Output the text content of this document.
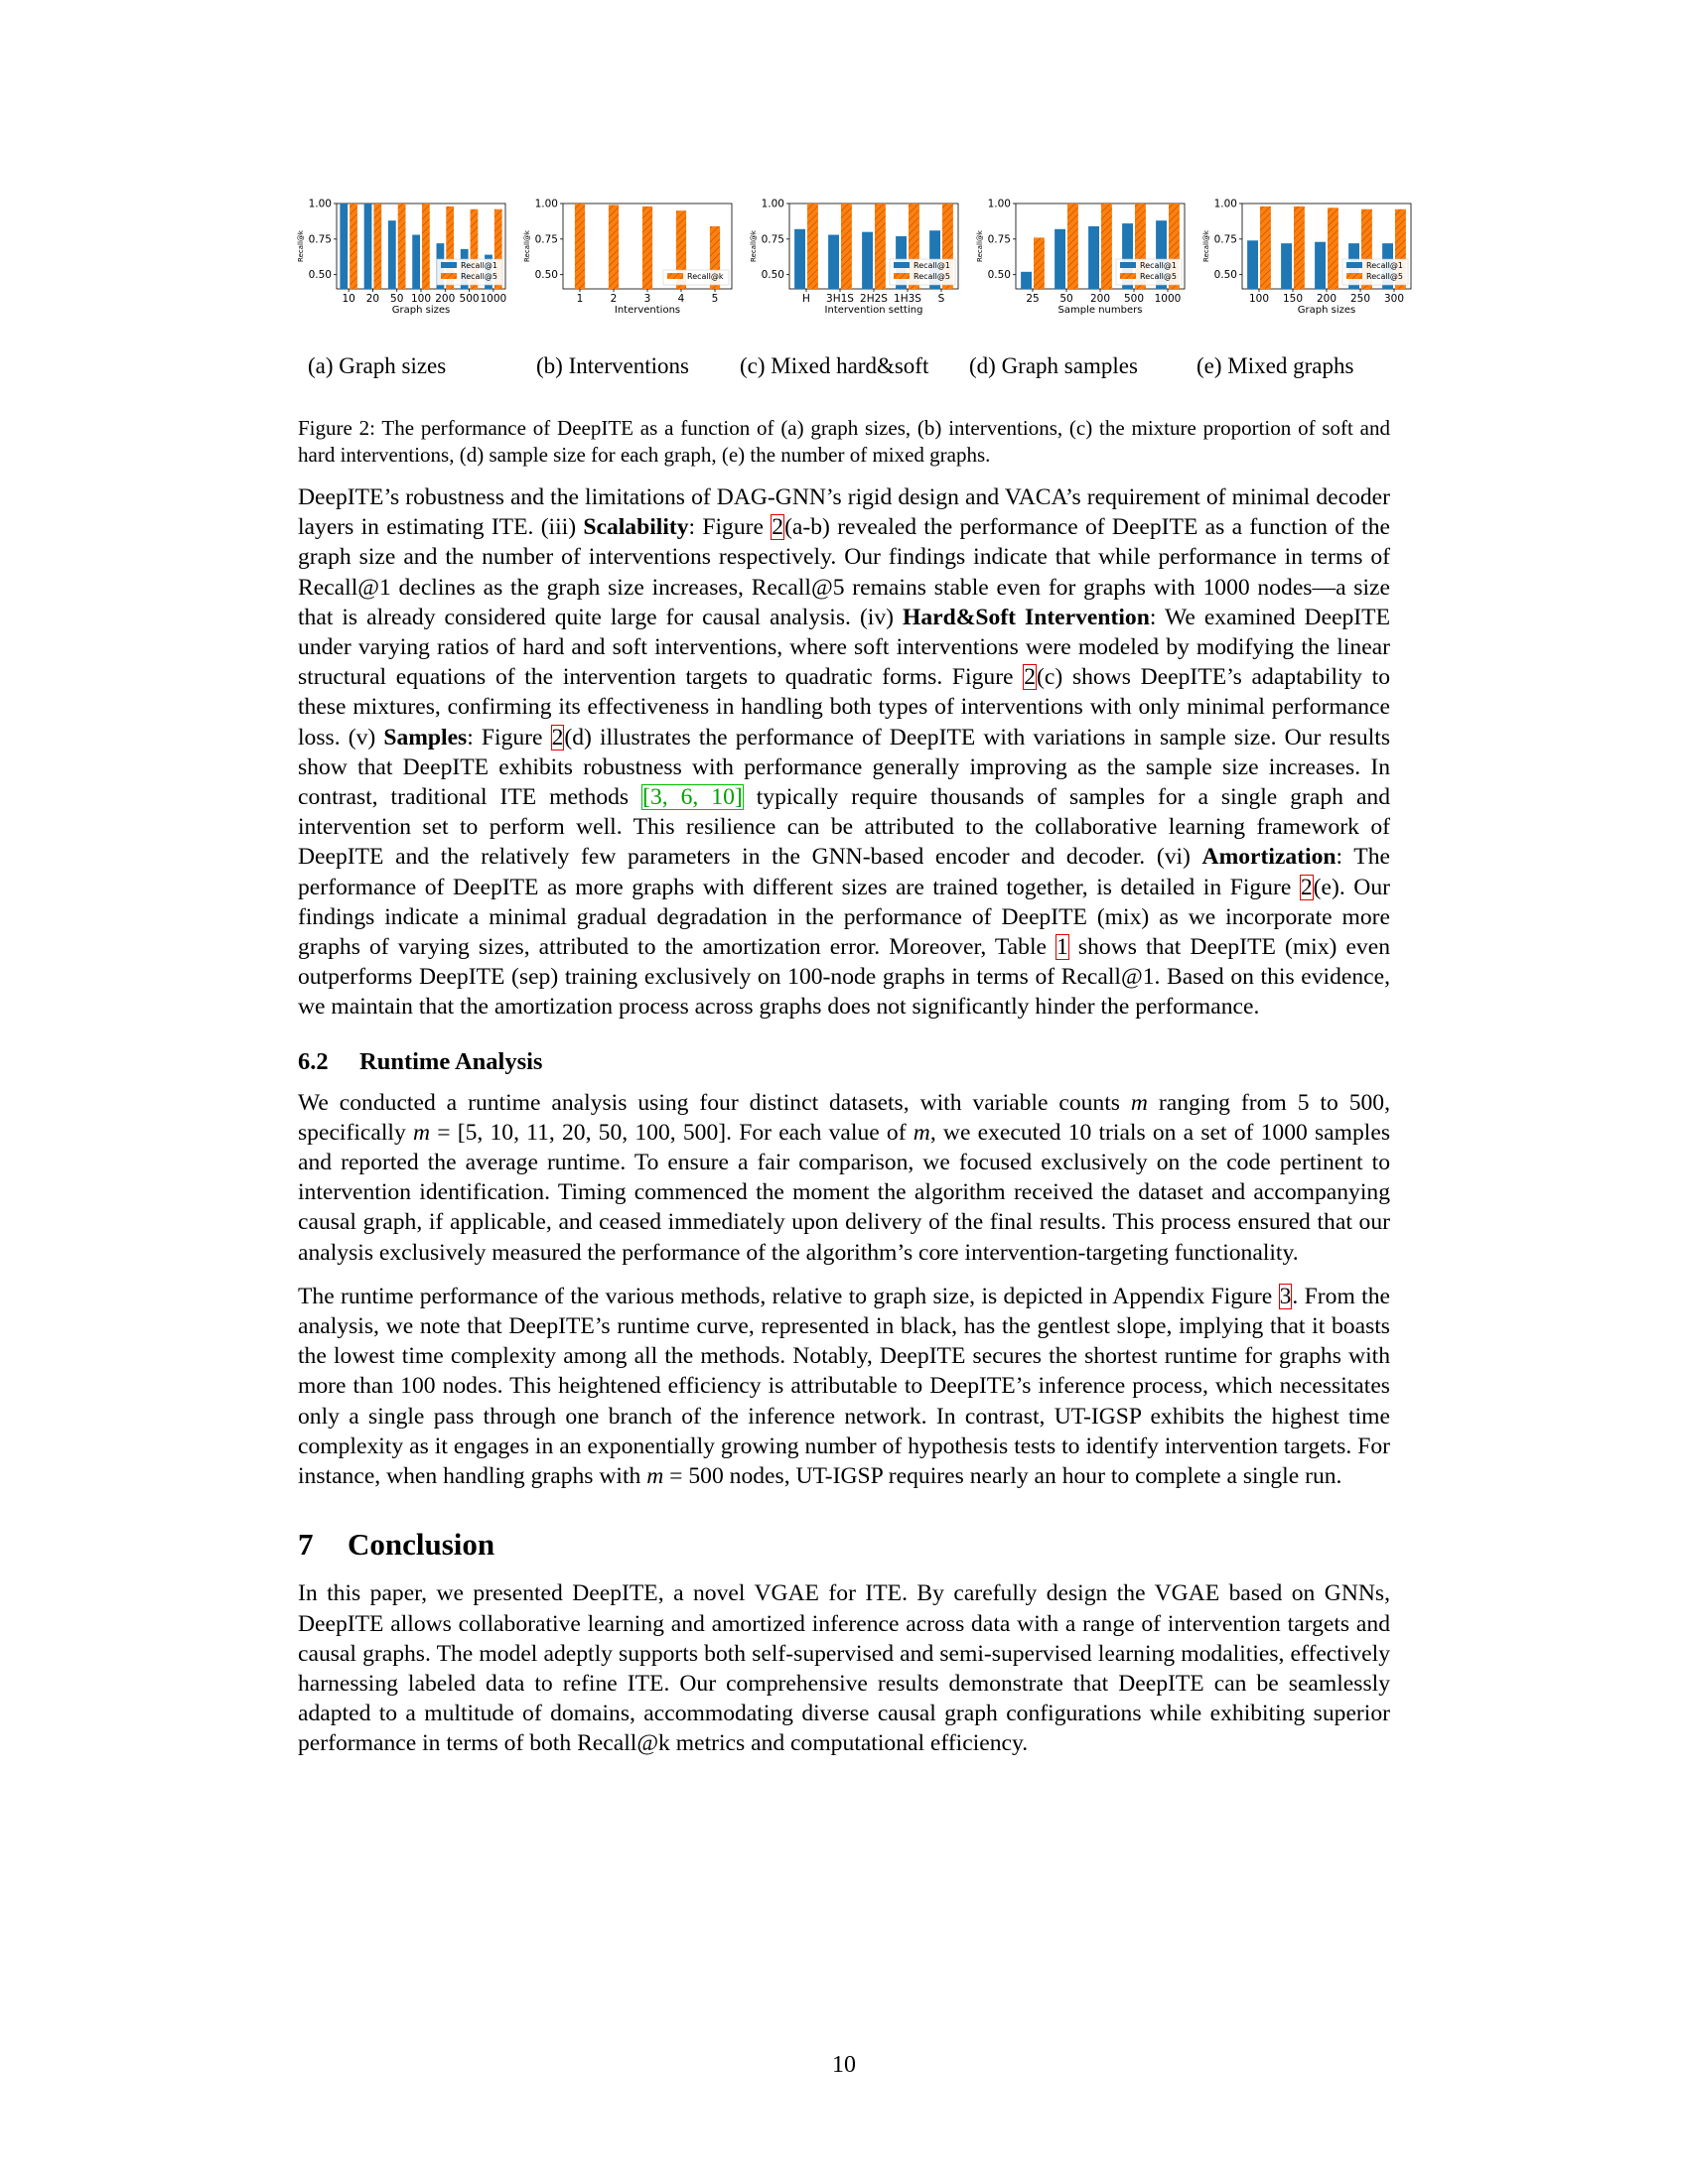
0.50
0.75
1.00
Recall@k
10 20 50 100 200 500 1000
Graph sizes
Recall@1
Recall@5	0.50
0.75
1.00
Recall@k
1	2	3	4	5
Interventions
Recall@k	0.50
0.75
1.00
Recall@k
H 3H1S 2H2S 1H3S S
Intervention setting
Recall@1
Recall@5	0.50
0.75
1.00
Recall@k
25 50 200 500 1000
Sample numbers
Recall@1
Recall@5	0.50
0.75
1.00
Recall@k
100 150 200 250 300
Graph sizes
Recall@1
Recall@5
(a) Graph sizes	(b) Interventions (c) Mixed hard&soft (d) Graph samples	(e) Mixed graphs
Figure 2: The performance of DeepITE as a function of (a) graph sizes, (b) interventions, (c) the mixture proportion of soft and hard interventions, (d) sample size for each graph, (e) the number of mixed graphs.

DeepITE’s robustness and the limitations of DAG-GNN’s rigid design and VACA’s requirement of minimal decoder layers in estimating ITE. (iii) Scalability: Figure 2(a-b) revealed the performance of DeepITE as a function of the graph size and the number of interventions respectively. Our findings indicate that while performance in terms of Recall@1 declines as the graph size increases, Recall@5 remains stable even for graphs with 1000 nodes—a size that is already considered quite large for causal analysis. (iv) Hard&Soft Intervention: We examined DeepITE under varying ratios of hard and soft interventions, where soft interventions were modeled by modifying the linear structural equations of the intervention targets to quadratic forms. Figure 2(c) shows DeepITE’s adaptability to these mixtures, confirming its effectiveness in handling both types of interventions with only minimal performance loss. (v) Samples: Figure 2(d) illustrates the performance of DeepITE with variations in sample size. Our results show that DeepITE exhibits robustness with performance generally improving as the sample size increases. In contrast, traditional ITE methods [3, 6, 10] typically require thousands of samples for a single graph and intervention set to perform well. This resilience can be attributed to the collaborative learning framework of DeepITE and the relatively few parameters in the GNN-based encoder and decoder. (vi) Amortization: The performance of DeepITE as more graphs with different sizes are trained together, is detailed in Figure 2(e). Our findings indicate a minimal gradual degradation in the performance of DeepITE (mix) as we incorporate more graphs of varying sizes, attributed to the amortization error. Moreover, Table 1 shows that DeepITE (mix) even outperforms DeepITE (sep) training exclusively on 100-node graphs in terms of Recall@1. Based on this evidence, we maintain that the amortization process across graphs does not significantly hinder the performance.

6.2 Runtime Analysis

We conducted a runtime analysis using four distinct datasets, with variable counts m ranging from 5 to 500, specifically m = [5, 10, 11, 20, 50, 100, 500]. For each value of m, we executed 10 trials on a set of 1000 samples and reported the average runtime. To ensure a fair comparison, we focused exclusively on the code pertinent to intervention identification. Timing commenced the moment the algorithm received the dataset and accompanying causal graph, if applicable, and ceased immediately upon delivery of the final results. This process ensured that our analysis exclusively measured the performance of the algorithm’s core intervention-targeting functionality.

The runtime performance of the various methods, relative to graph size, is depicted in Appendix Figure 3. From the analysis, we note that DeepITE’s runtime curve, represented in black, has the gentlest slope, implying that it boasts the lowest time complexity among all the methods. Notably, DeepITE secures the shortest runtime for graphs with more than 100 nodes. This heightened efficiency is attributable to DeepITE’s inference process, which necessitates only a single pass through one branch of the inference network. In contrast, UT-IGSP exhibits the highest time complexity as it engages in an exponentially growing number of hypothesis tests to identify intervention targets. For instance, when handling graphs with m = 500 nodes, UT-IGSP requires nearly an hour to complete a single run.

7 Conclusion

In this paper, we presented DeepITE, a novel VGAE for ITE. By carefully design the VGAE based on GNNs, DeepITE allows collaborative learning and amortized inference across data with a range of intervention targets and causal graphs. The model adeptly supports both self-supervised and semi-supervised learning modalities, effectively harnessing labeled data to refine ITE. Our comprehensive results demonstrate that DeepITE can be seamlessly adapted to a multitude of domains, accommodating diverse causal graph configurations while exhibiting superior performance in terms of both Recall@k metrics and computational efficiency.

10
